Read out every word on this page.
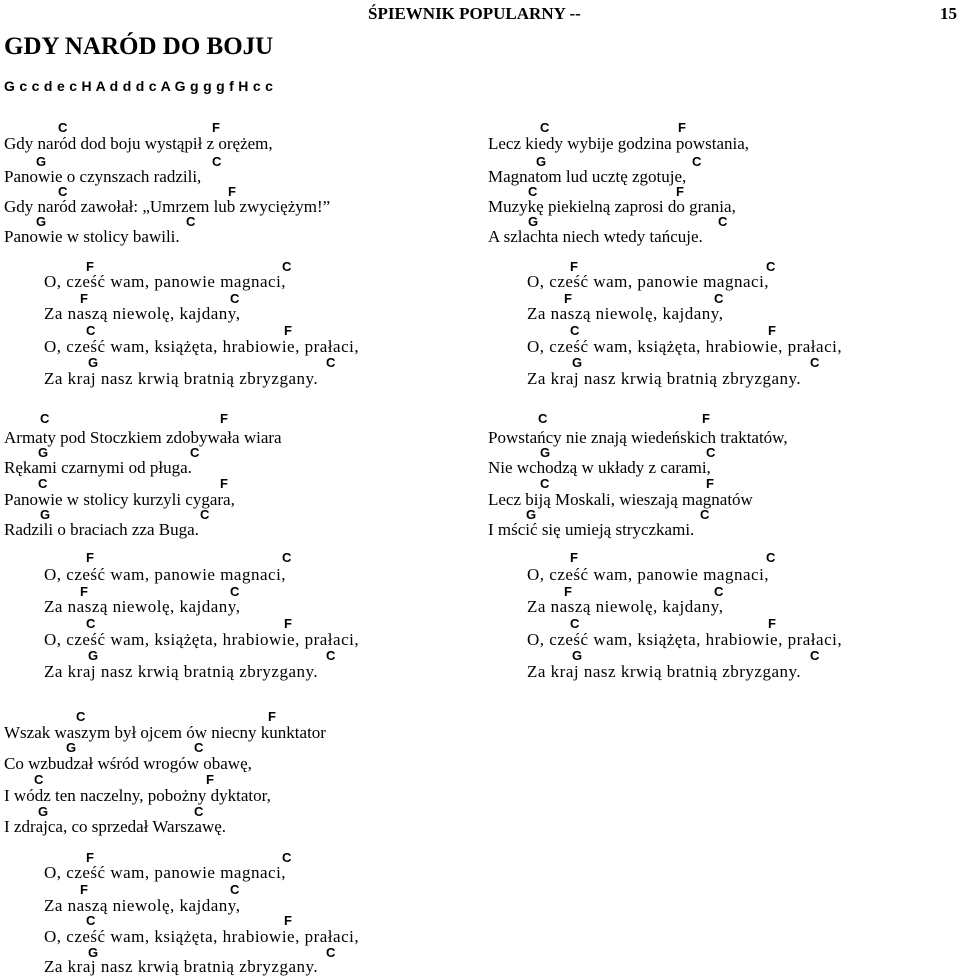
ŚPIEWNIK POPULARNY --	15
GDY NARÓD DO BOJU
G c c d e c H A d d d c A G g g g f H c c
C	F
Gdy naród dod boju wystąpił z orężem,
G	C
Panowie o czynszach radzili,
C	F
Gdy naród zawołał: „Umrzem lub zwyciężym!”
G	C
Panowie w stolicy bawili.
F	C
O, cześć wam, panowie magnaci,
F	C
Za naszą niewolę, kajdany,
C	F
O, cześć wam, książęta, hrabiowie, prałaci,
G	C
Za kraj nasz krwią bratnią zbryzgany.
C	F
Armaty pod Stoczkiem zdobywała wiara
G	C
Rękami czarnymi od pługa.
C	F
Panowie w stolicy kurzyli cygara,
G	C
Radzili o braciach zza Buga.
F	C
O, cześć wam, panowie magnaci,
F	C
Za naszą niewolę, kajdany,
C	F
O, cześć wam, książęta, hrabiowie, prałaci,
G	C
Za kraj nasz krwią bratnią zbryzgany.
C	F
Wszak waszym był ojcem ów niecny kunktator
G	C
Co wzbudzał wśród wrogów obawę,
C	F
I wódz ten naczelny, pobożny dyktator,
G	C
I zdrajca, co sprzedał Warszawę.
F	C
O, cześć wam, panowie magnaci,
F	C
Za naszą niewolę, kajdany,
C	F
O, cześć wam, książęta, hrabiowie, prałaci,
G	C
Za kraj nasz krwią bratnią zbryzgany.
C	F
Lecz kiedy wybije godzina powstania,
G	C
Magnatom lud ucztę zgotuje,
C	F
Muzykę piekielną zaprosi do grania,
G	C
A szlachta niech wtedy tańcuje.
F	C
O, cześć wam, panowie magnaci,
F	C
Za naszą niewolę, kajdany,
C	F
O, cześć wam, książęta, hrabiowie, prałaci,
G	C
Za kraj nasz krwią bratnią zbryzgany.
C	F
Powstańcy nie znają wiedeńskich traktatów,
G	C
Nie wchodzą w układy z carami,
C	F
Lecz biją Moskali, wieszają magnatów
G	C
I mścić się umieją stryczkami.
F	C
O, cześć wam, panowie magnaci,
F	C
Za naszą niewolę, kajdany,
C	F
O, cześć wam, książęta, hrabiowie, prałaci,
G	C
Za kraj nasz krwią bratnią zbryzgany.
